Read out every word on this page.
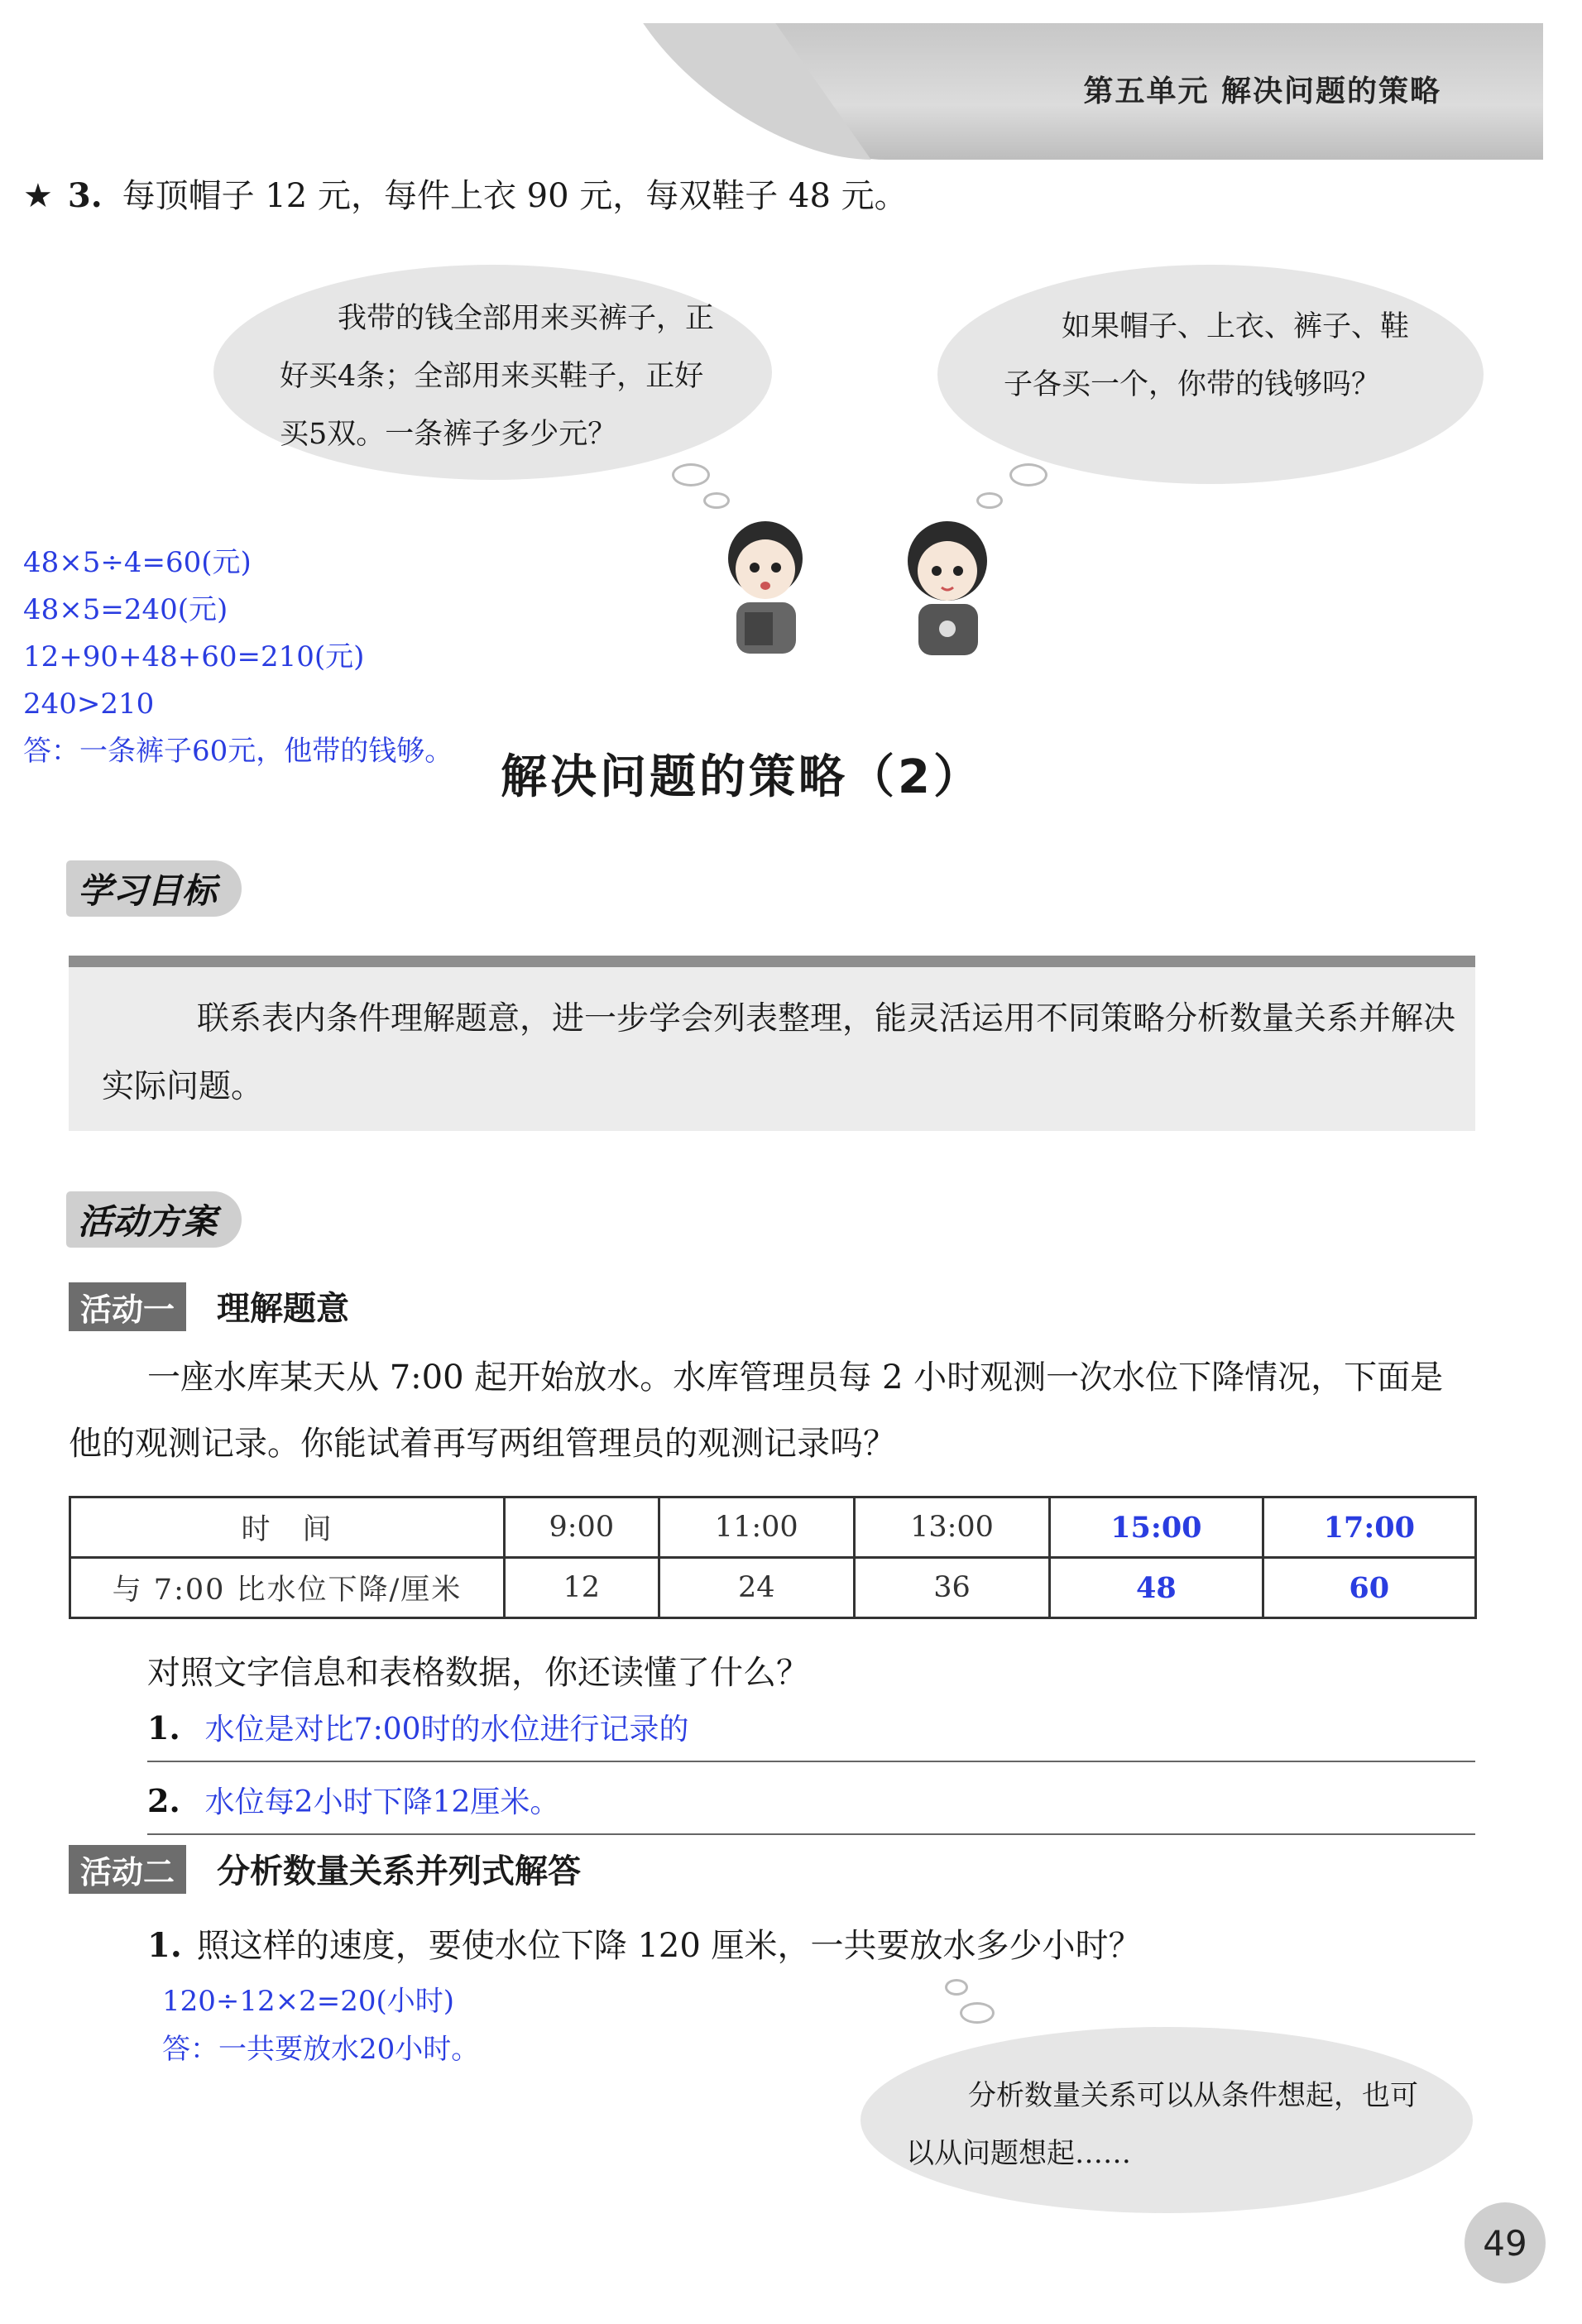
第五单元 解决问题的策略
★ 3. 每顶帽子 12 元，每件上衣 90 元，每双鞋子 48 元。
我带的钱全部用来买裤子，正好买4条；全部用来买鞋子，正好买5双。一条裤子多少元？
如果帽子、上衣、裤子、鞋子各买一个，你带的钱够吗？
48×5÷4=60(元)
48×5=240(元)
12+90+48+60=210(元)
240>210
答：一条裤子60元，他带的钱够。 解决问题的策略（2）
学习目标
联系表内条件理解题意，进一步学会列表整理，能灵活运用不同策略分析数量关系并解决实际问题。
活动方案
活动一	理解题意
一座水库某天从 7:00 起开始放水。水库管理员每 2 小时观测一次水位下降情况，下面是他的观测记录。你能试着再写两组管理员的观测记录吗？
时　间	9:00	11:00	13:00	15:00	17:00
与 7:00 比水位下降/厘米	12	24	36	48	60
对照文字信息和表格数据，你还读懂了什么？
1. 水位是对比7:00时的水位进行记录的
2. 水位每2小时下降12厘米。
活动二	分析数量关系并列式解答
1. 照这样的速度，要使水位下降 120 厘米，一共要放水多少小时？
120÷12×2=20(小时)
答：一共要放水20小时。
分析数量关系可以从条件想起，也可以从问题想起……
49
